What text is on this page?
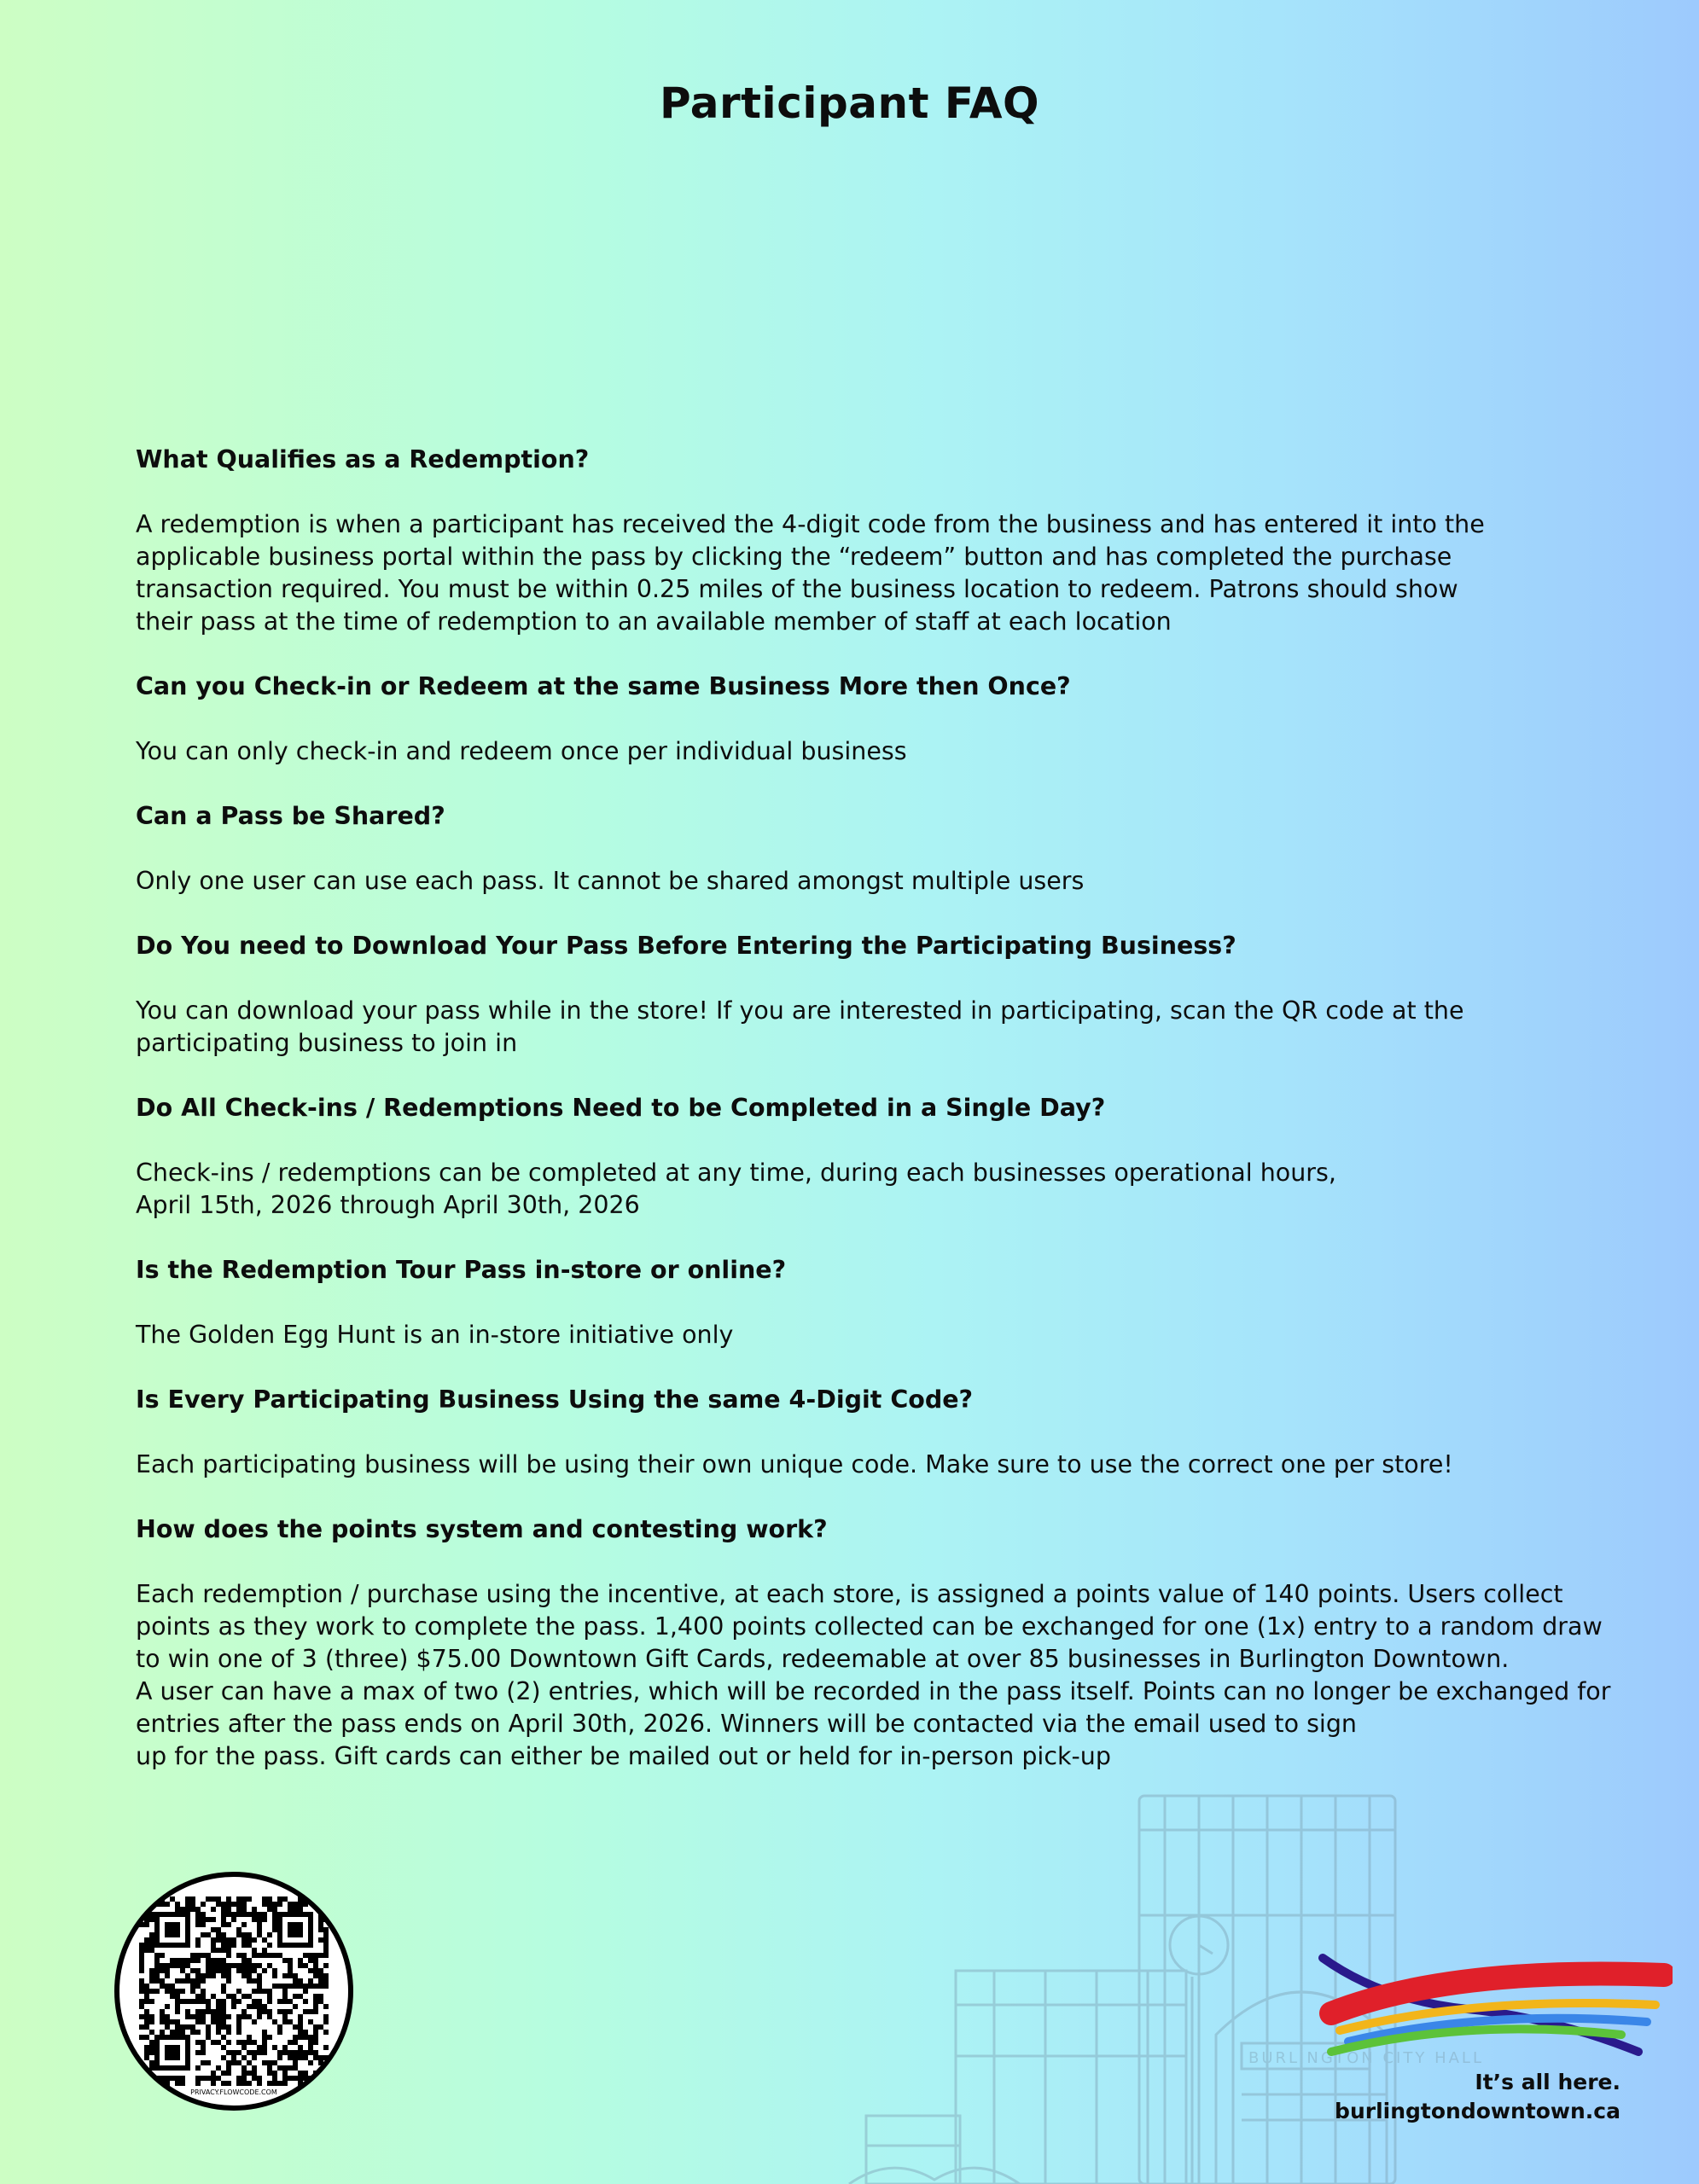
Participant FAQ

What Qualifies as a Redemption?

A redemption is when a participant has received the 4-digit code from the business and has entered it into the
applicable business portal within the pass by clicking the “redeem” button and has completed the purchase
transaction required. You must be within 0.25 miles of the business location to redeem. Patrons should show
their pass at the time of redemption to an available member of staff at each location

Can you Check-in or Redeem at the same Business More then Once?

You can only check-in and redeem once per individual business

Can a Pass be Shared?

Only one user can use each pass. It cannot be shared amongst multiple users

Do You need to Download Your Pass Before Entering the Participating Business?

You can download your pass while in the store! If you are interested in participating, scan the QR code at the
participating business to join in

Do All Check-ins / Redemptions Need to be Completed in a Single Day?

Check-ins / redemptions can be completed at any time, during each businesses operational hours,
April 15th, 2026 through April 30th, 2026

Is the Redemption Tour Pass in-store or online?

The Golden Egg Hunt is an in-store initiative only

Is Every Participating Business Using the same 4-Digit Code?

Each participating business will be using their own unique code. Make sure to use the correct one per store!

How does the points system and contesting work?

Each redemption / purchase using the incentive, at each store, is assigned a points value of 140 points. Users collect
points as they work to complete the pass. 1,400 points collected can be exchanged for one (1x) entry to a random draw
to win one of 3 (three) $75.00 Downtown Gift Cards, redeemable at over 85 businesses in Burlington Downtown.
A user can have a max of two (2) entries, which will be recorded in the pass itself. Points can no longer be exchanged for
entries after the pass ends on April 30th, 2026. Winners will be contacted via the email used to sign
up for the pass. Gift cards can either be mailed out or held for in-person pick-up

BURLINGTON CITY HALL
It’s all here.
burlingtondowntown.ca
PRIVACY.FLOWCODE.COM
